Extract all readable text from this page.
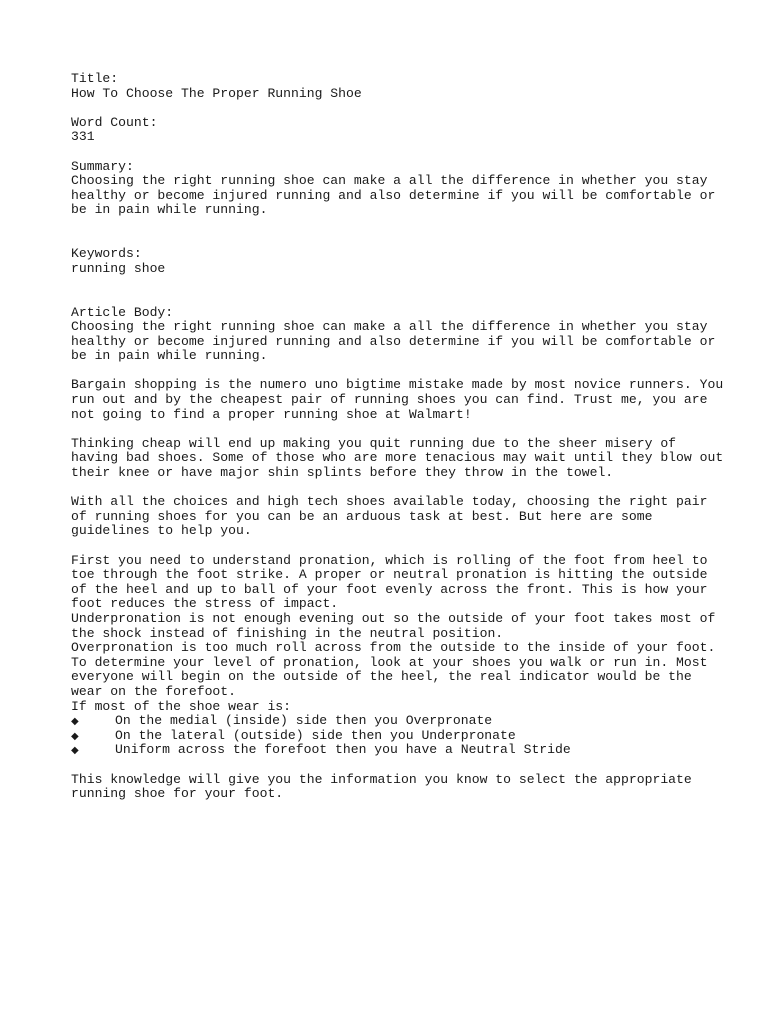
Title:
How To Choose The Proper Running Shoe
Word Count:
331
Summary:
Choosing the right running shoe can make a all the difference in whether you stay
healthy or become injured running and also determine if you will be comfortable or
be in pain while running.
Keywords:
running shoe
Article Body:
Choosing the right running shoe can make a all the difference in whether you stay
healthy or become injured running and also determine if you will be comfortable or
be in pain while running.
Bargain shopping is the numero uno bigtime mistake made by most novice runners. You
run out and by the cheapest pair of running shoes you can find. Trust me, you are
not going to find a proper running shoe at Walmart!
Thinking cheap will end up making you quit running due to the sheer misery of
having bad shoes. Some of those who are more tenacious may wait until they blow out
their knee or have major shin splints before they throw in the towel.
With all the choices and high tech shoes available today, choosing the right pair
of running shoes for you can be an arduous task at best. But here are some
guidelines to help you.
First you need to understand pronation, which is rolling of the foot from heel to
toe through the foot strike. A proper or neutral pronation is hitting the outside
of the heel and up to ball of your foot evenly across the front. This is how your
foot reduces the stress of impact.
Underpronation is not enough evening out so the outside of your foot takes most of
the shock instead of finishing in the neutral position.
Overpronation is too much roll across from the outside to the inside of your foot.
To determine your level of pronation, look at your shoes you walk or run in. Most
everyone will begin on the outside of the heel, the real indicator would be the
wear on the forefoot.
If most of the shoe wear is:
◆	On the medial (inside) side then you Overpronate
◆	On the lateral (outside) side then you Underpronate
◆	Uniform across the forefoot then you have a Neutral Stride
This knowledge will give you the information you know to select the appropriate
running shoe for your foot.
